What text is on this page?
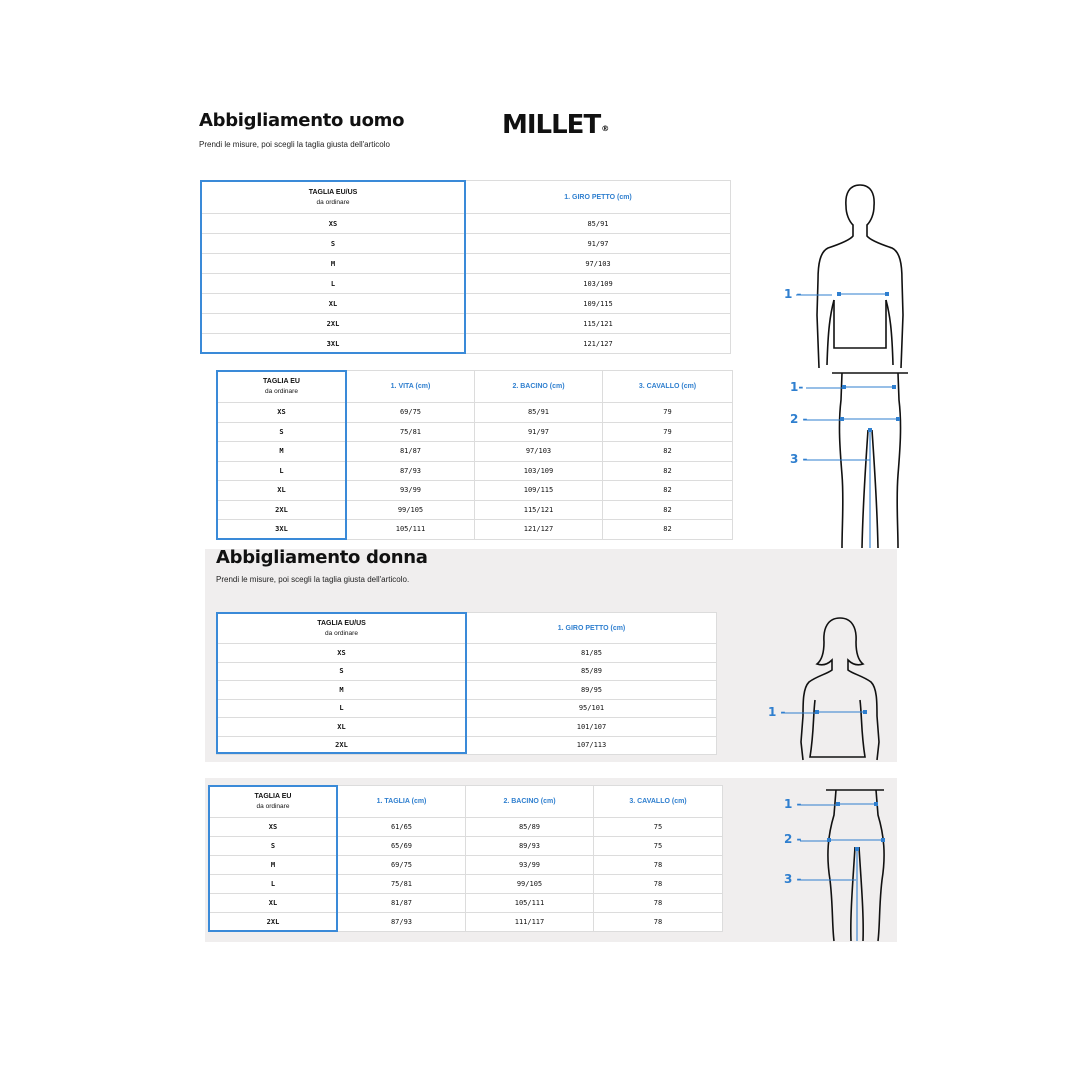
Abbigliamento uomo
Prendi le misure, poi scegli la taglia giusta dell'articolo
MILLET®
TAGLIA EU/US
da ordinare	1. GIRO PETTO (cm)
XS	85/91
S	91/97
M	97/103
L	103/109
XL	109/115
2XL	115/121
3XL	121/127
TAGLIA EU
da ordinare	1. VITA (cm)	2. BACINO (cm)	3. CAVALLO (cm)
XS	69/75	85/91	79
S	75/81	91/97	79
M	81/87	97/103	82
L	87/93	103/109	82
XL	93/99	109/115	82
2XL	99/105	115/121	82
3XL	105/111	121/127	82
1 -
1-
2 -
3 -
Abbigliamento donna
Prendi le misure, poi scegli la taglia giusta dell'articolo.
TAGLIA EU/US
da ordinare	1. GIRO PETTO (cm)
XS	81/85
S	85/89
M	89/95
L	95/101
XL	101/107
2XL	107/113
1 -
TAGLIA EU
da ordinare	1. TAGLIA (cm)	2. BACINO (cm)	3. CAVALLO (cm)
XS	61/65	85/89	75
S	65/69	89/93	75
M	69/75	93/99	78
L	75/81	99/105	78
XL	81/87	105/111	78
2XL	87/93	111/117	78
1 -
2 -
3 -
